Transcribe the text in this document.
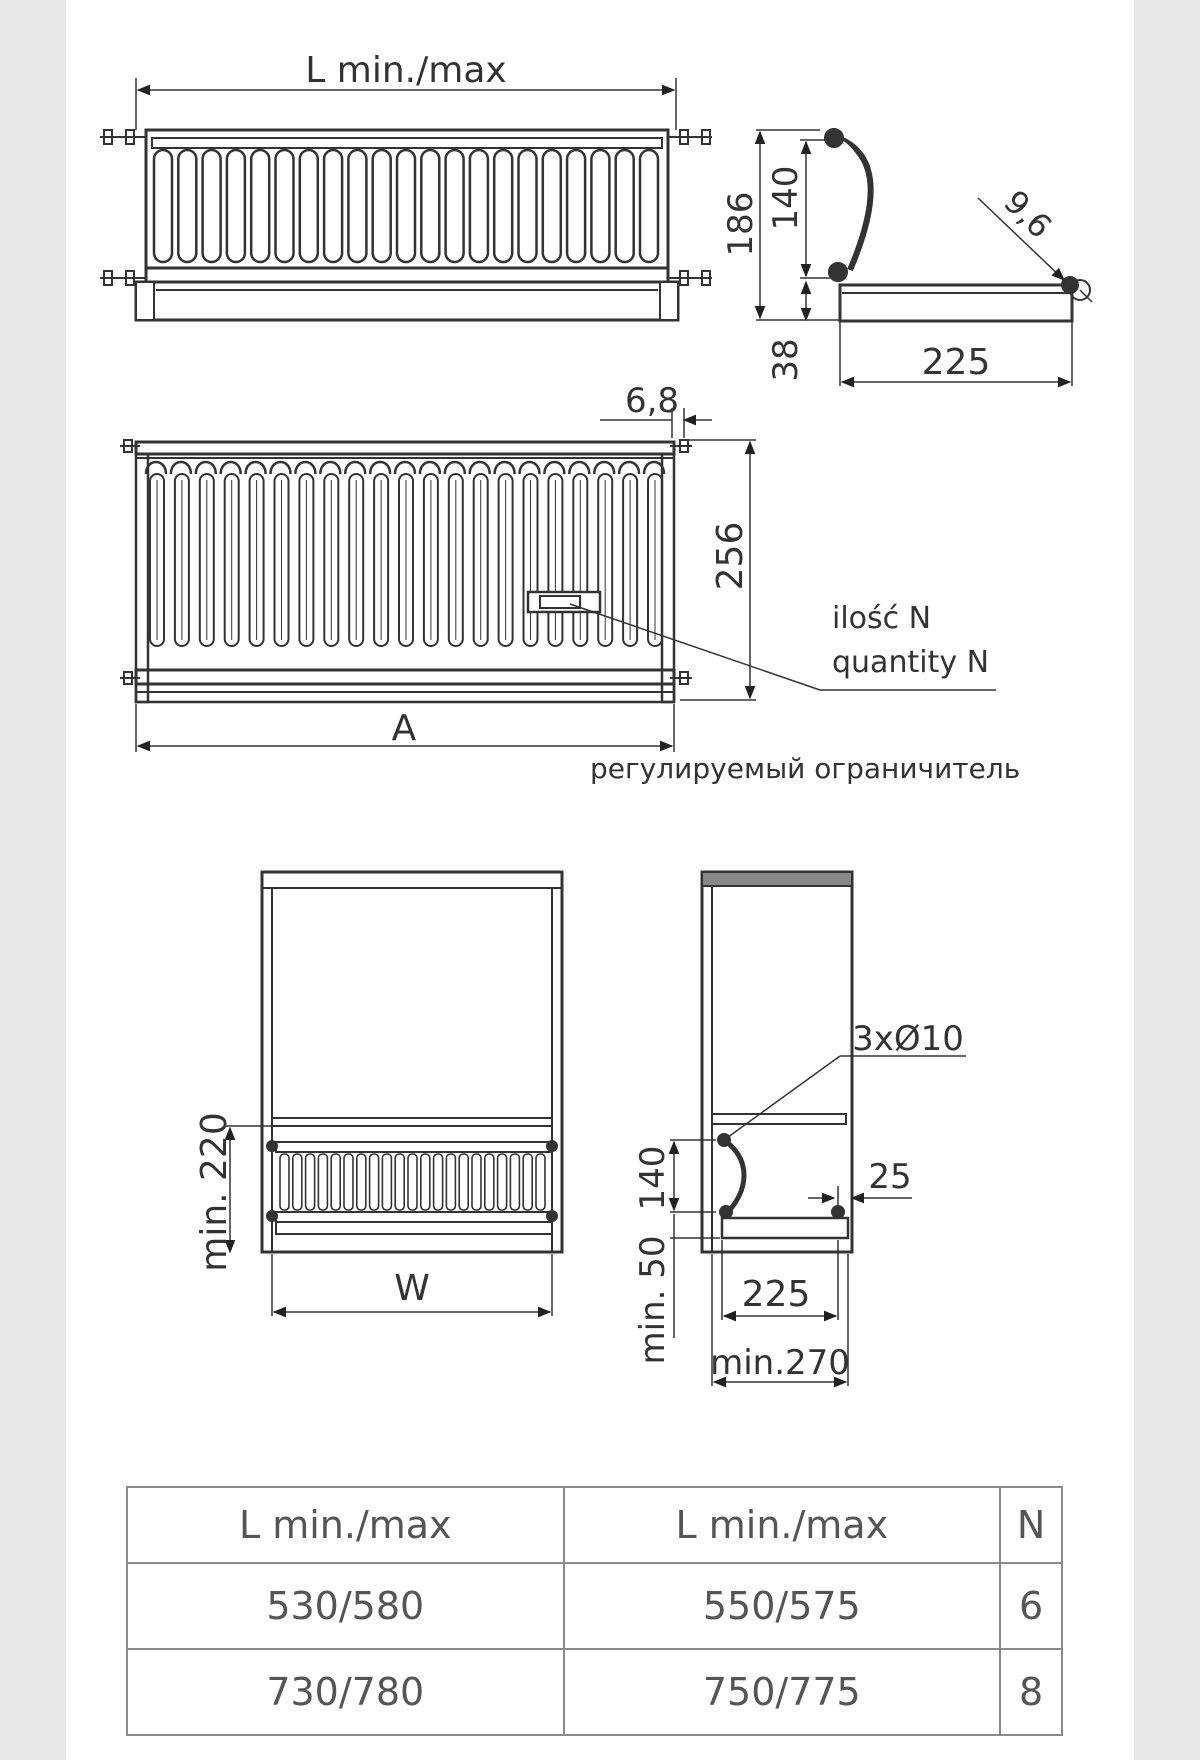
L min./max
186 140
38	225
9,6
6,8
256
A
ilość N
quantity N
регулируемый ограничитель
min. 220
W
3xØ10
140	25
min. 50 225
min.270
L min./max	L min./max	N
530/580	550/575	6
730/780	750/775	8
